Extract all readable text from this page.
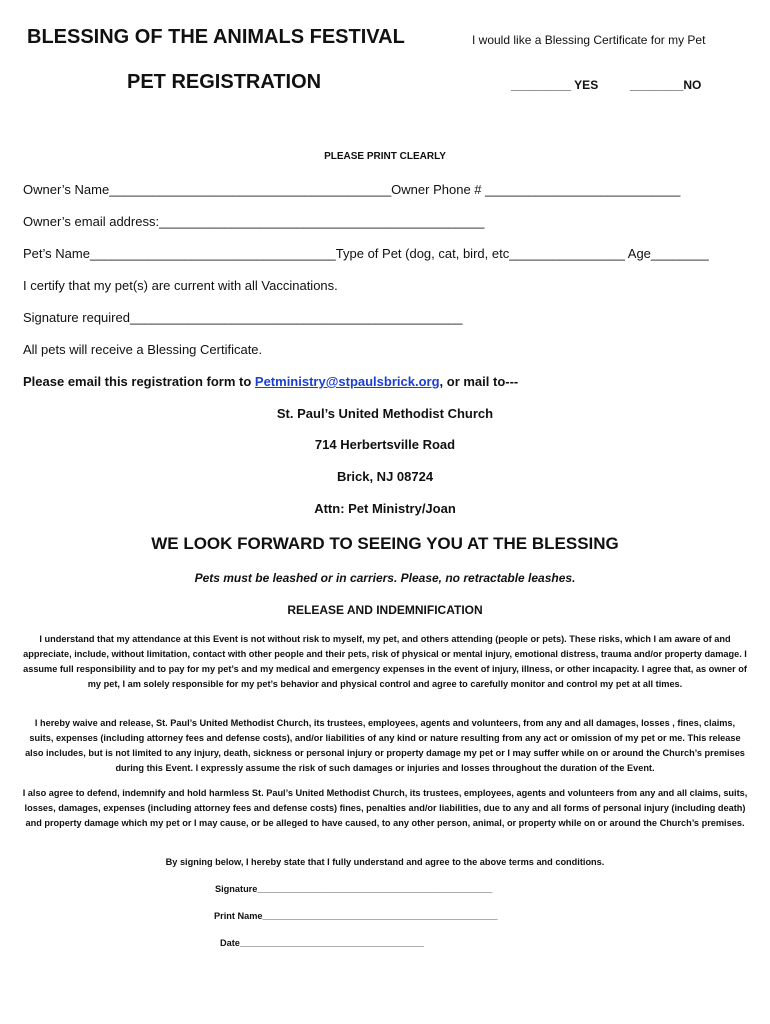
BLESSING OF THE ANIMALS FESTIVAL
PET REGISTRATION
I would like a Blessing Certificate for my Pet
_________ YES	________NO
PLEASE PRINT CLEARLY
Owner’s Name_______________________________________Owner Phone # ___________________________
Owner’s email address:_____________________________________________
Pet’s Name__________________________________Type of Pet (dog, cat, bird, etc________________ Age________
I certify that my pet(s) are current with all Vaccinations.
Signature required______________________________________________
All pets will receive a Blessing Certificate.
Please email this registration form to Petministry@stpaulsbrick.org, or mail to---
St. Paul’s United Methodist Church
714 Herbertsville Road
Brick, NJ 08724
Attn: Pet Ministry/Joan
WE LOOK FORWARD TO SEEING YOU AT THE BLESSING
Pets must be leashed or in carriers. Please, no retractable leashes.
RELEASE AND INDEMNIFICATION
I understand that my attendance at this Event is not without risk to myself, my pet, and others attending (people or pets). These risks, which I am aware of and appreciate, include, without limitation, contact with other people and their pets, risk of physical or mental injury, emotional distress, trauma and/or property damage. I assume full responsibility and to pay for my pet’s and my medical and emergency expenses in the event of injury, illness, or other incapacity. I agree that, as owner of my pet, I am solely responsible for my pet’s behavior and physical control and agree to carefully monitor and control my pet at all times.
I hereby waive and release, St. Paul’s United Methodist Church, its trustees, employees, agents and volunteers, from any and all damages, losses , fines, claims, suits, expenses (including attorney fees and defense costs), and/or liabilities of any kind or nature resulting from any act or omission of my pet or me. This release also includes, but is not limited to any injury, death, sickness or personal injury or property damage my pet or I may suffer while on or around the Church’s premises during this Event. I expressly assume the risk of such damages or injuries and losses throughout the duration of the Event.
I also agree to defend, indemnify and hold harmless St. Paul’s United Methodist Church, its trustees, employees, agents and volunteers from any and all claims, suits, losses, damages, expenses (including attorney fees and defense costs) fines, penalties and/or liabilities, due to any and all forms of personal injury (including death) and property damage which my pet or I may cause, or be alleged to have caused, to any other person, animal, or property while on or around the Church’s premises.
By signing below, I hereby state that I fully understand and agree to the above terms and conditions.
Signature______________________________________________
Print Name______________________________________________
Date____________________________________
